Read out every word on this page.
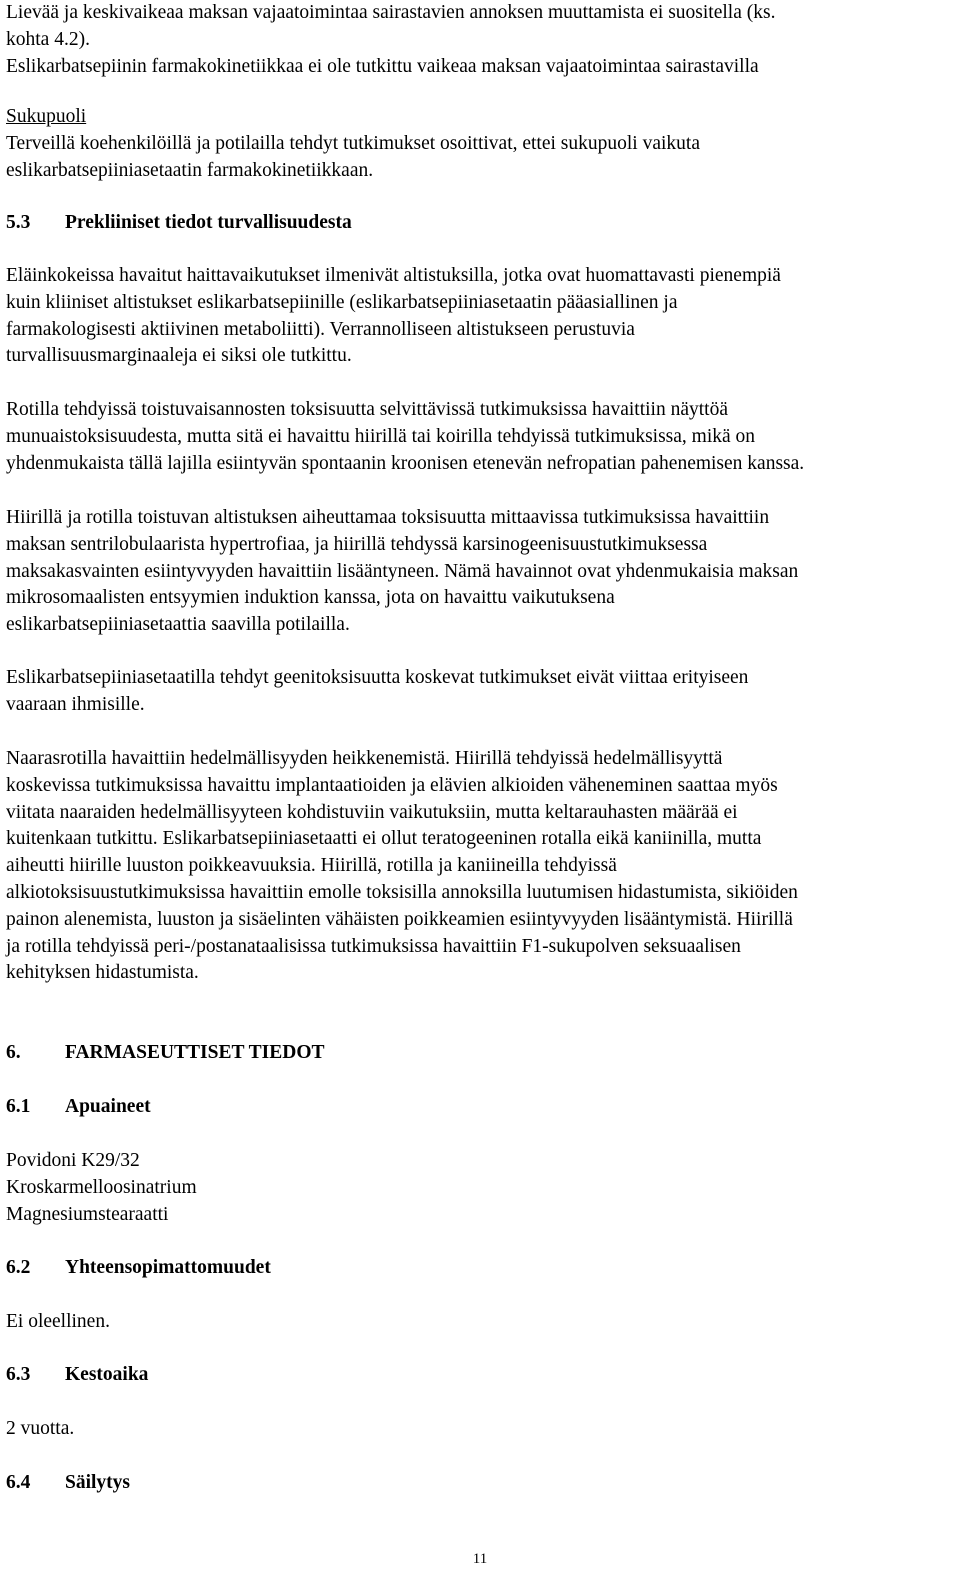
Lievää ja keskivaikeaa maksan vajaatoimintaa sairastavien annoksen muuttamista ei suositella (ks.
kohta 4.2).
Eslikarbatsepiinin farmakokinetiikkaa ei ole tutkittu vaikeaa maksan vajaatoimintaa sairastavilla
Sukupuoli
Terveillä koehenkilöillä ja potilailla tehdyt tutkimukset osoittivat, ettei sukupuoli vaikuta
eslikarbatsepiiniasetaatin farmakokinetiikkaan.
5.3 Prekliiniset tiedot turvallisuudesta
Eläinkokeissa havaitut haittavaikutukset ilmenivät altistuksilla, jotka ovat huomattavasti pienempiä
kuin kliiniset altistukset eslikarbatsepiinille (eslikarbatsepiiniasetaatin pääasiallinen ja
farmakologisesti aktiivinen metaboliitti). Verrannolliseen altistukseen perustuvia
turvallisuusmarginaaleja ei siksi ole tutkittu.
Rotilla tehdyissä toistuvaisannosten toksisuutta selvittävissä tutkimuksissa havaittiin näyttöä
munuaistoksisuudesta, mutta sitä ei havaittu hiirillä tai koirilla tehdyissä tutkimuksissa, mikä on
yhdenmukaista tällä lajilla esiintyvän spontaanin kroonisen etenevän nefropatian pahenemisen kanssa.
Hiirillä ja rotilla toistuvan altistuksen aiheuttamaa toksisuutta mittaavissa tutkimuksissa havaittiin
maksan sentrilobulaarista hypertrofiaa, ja hiirillä tehdyssä karsinogeenisuustutkimuksessa
maksakasvainten esiintyvyyden havaittiin lisääntyneen. Nämä havainnot ovat yhdenmukaisia maksan
mikrosomaalisten entsyymien induktion kanssa, jota on havaittu vaikutuksena
eslikarbatsepiiniasetaattia saavilla potilailla.
Eslikarbatsepiiniasetaatilla tehdyt geenitoksisuutta koskevat tutkimukset eivät viittaa erityiseen
vaaraan ihmisille.
Naarasrotilla havaittiin hedelmällisyyden heikkenemistä. Hiirillä tehdyissä hedelmällisyyttä
koskevissa tutkimuksissa havaittu implantaatioiden ja elävien alkioiden väheneminen saattaa myös
viitata naaraiden hedelmällisyyteen kohdistuviin vaikutuksiin, mutta keltarauhasten määrää ei
kuitenkaan tutkittu. Eslikarbatsepiiniasetaatti ei ollut teratogeeninen rotalla eikä kaniinilla, mutta
aiheutti hiirille luuston poikkeavuuksia. Hiirillä, rotilla ja kaniineilla tehdyissä
alkiotoksisuustutkimuksissa havaittiin emolle toksisilla annoksilla luutumisen hidastumista, sikiöiden
painon alenemista, luuston ja sisäelinten vähäisten poikkeamien esiintyvyyden lisääntymistä. Hiirillä
ja rotilla tehdyissä peri-/postanataalisissa tutkimuksissa havaittiin F1-sukupolven seksuaalisen
kehityksen hidastumista.
6. FARMASEUTTISET TIEDOT
6.1 Apuaineet
Povidoni K29/32
Kroskarmelloosinatrium
Magnesiumstearaatti
6.2 Yhteensopimattomuudet
Ei oleellinen.
6.3 Kestoaika
2 vuotta.
6.4 Säilytys
11
